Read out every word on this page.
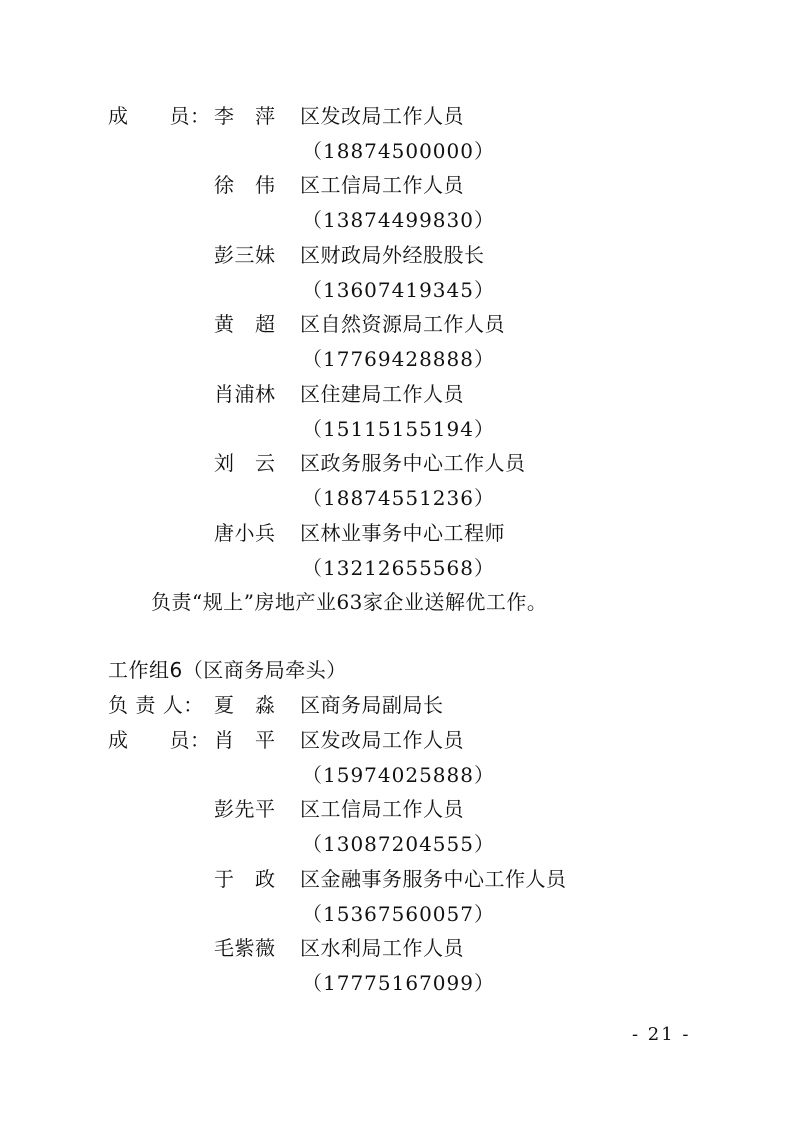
成　　员： 李　萍 区发改局工作人员
（18874500000）
徐　伟 区工信局工作人员
（13874499830）
彭三妹 区财政局外经股股长
（13607419345）
黄　超 区自然资源局工作人员
（17769428888）
肖浦林 区住建局工作人员
（15115155194）
刘　云 区政务服务中心工作人员
（18874551236）
唐小兵 区林业事务中心工程师
（13212655568）
负责“规上”房地产业63家企业送解优工作。
工作组6（区商务局牵头）
负 责 人： 夏　淼 区商务局副局长
成　　员： 肖　平 区发改局工作人员
（15974025888）
彭先平 区工信局工作人员
（13087204555）
于　政 区金融事务服务中心工作人员
（15367560057）
毛紫薇 区水利局工作人员
（17775167099）
- 21 -
